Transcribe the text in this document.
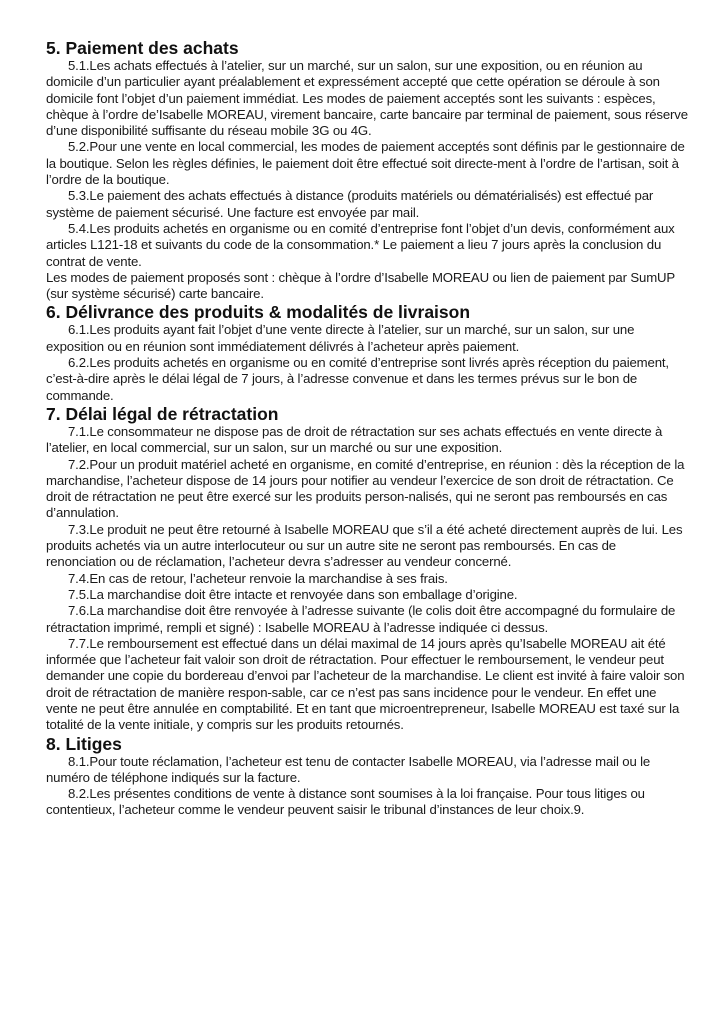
5. Paiement des achats

5.1.Les achats effectués à l’atelier, sur un marché, sur un salon, sur une exposition, ou en réunion au domicile d’un particulier ayant préalablement et expressément accepté que cette opération se déroule à son domicile font l’objet d’un paiement immédiat. Les modes de paiement acceptés sont les suivants : espèces, chèque à l’ordre de’Isabelle MOREAU, virement bancaire, carte bancaire par terminal de paiement, sous réserve d’une disponibilité suffisante du réseau mobile 3G ou 4G.

5.2.Pour une vente en local commercial, les modes de paiement acceptés sont définis par le gestionnaire de la boutique. Selon les règles définies, le paiement doit être effectué soit directe-ment à l’ordre de l’artisan, soit à l’ordre de la boutique.

5.3.Le paiement des achats effectués à distance (produits matériels ou dématérialisés) est effectué par système de paiement sécurisé. Une facture est envoyée par mail.

5.4.Les produits achetés en organisme ou en comité d’entreprise font l’objet d’un devis, conformément aux articles L121-18 et suivants du code de la consommation.* Le paiement a lieu 7 jours après la conclusion du contrat de vente.

Les modes de paiement proposés sont : chèque à l’ordre d’Isabelle MOREAU ou lien de paiement par SumUP (sur système sécurisé) carte bancaire.

6. Délivrance des produits & modalités de livraison

6.1.Les produits ayant fait l’objet d’une vente directe à l’atelier, sur un marché, sur un salon, sur une exposition ou en réunion sont immédiatement délivrés à l’acheteur après paiement.

6.2.Les produits achetés en organisme ou en comité d’entreprise sont livrés après réception du paiement, c’est-à-dire après le délai légal de 7 jours, à l’adresse convenue et dans les termes prévus sur le bon de commande.

7. Délai légal de rétractation

7.1.Le consommateur ne dispose pas de droit de rétractation sur ses achats effectués en vente directe à l’atelier, en local commercial, sur un salon, sur un marché ou sur une exposition.

7.2.Pour un produit matériel acheté en organisme, en comité d’entreprise, en réunion : dès la réception de la marchandise, l’acheteur dispose de 14 jours pour notifier au vendeur l’exercice de son droit de rétractation. Ce droit de rétractation ne peut être exercé sur les produits person-nalisés, qui ne seront pas remboursés en cas d’annulation.

7.3.Le produit ne peut être retourné à Isabelle MOREAU que s’il a été acheté directement auprès de lui. Les produits achetés via un autre interlocuteur ou sur un autre site ne seront pas remboursés. En cas de renonciation ou de réclamation, l’acheteur devra s’adresser au vendeur concerné.

7.4.En cas de retour, l’acheteur renvoie la marchandise à ses frais.

7.5.La marchandise doit être intacte et renvoyée dans son emballage d’origine.

7.6.La marchandise doit être renvoyée à l’adresse suivante (le colis doit être accompagné du formulaire de rétractation imprimé, rempli et signé) : Isabelle MOREAU à l’adresse indiquée ci dessus.

7.7.Le remboursement est effectué dans un délai maximal de 14 jours après qu’Isabelle MOREAU ait été informée que l’acheteur fait valoir son droit de rétractation. Pour effectuer le remboursement, le vendeur peut demander une copie du bordereau d’envoi par l’acheteur de la marchandise. Le client est invité à faire valoir son droit de rétractation de manière respon-sable, car ce n’est pas sans incidence pour le vendeur. En effet une vente ne peut être annulée en comptabilité. Et en tant que microentrepreneur, Isabelle MOREAU est taxé sur la totalité de la vente initiale, y compris sur les produits retournés.

8. Litiges

8.1.Pour toute réclamation, l’acheteur est tenu de contacter Isabelle MOREAU, via l’adresse mail ou le numéro de téléphone indiqués sur la facture.

8.2.Les présentes conditions de vente à distance sont soumises à la loi française. Pour tous litiges ou contentieux, l’acheteur comme le vendeur peuvent saisir le tribunal d’instances de leur choix.9.
